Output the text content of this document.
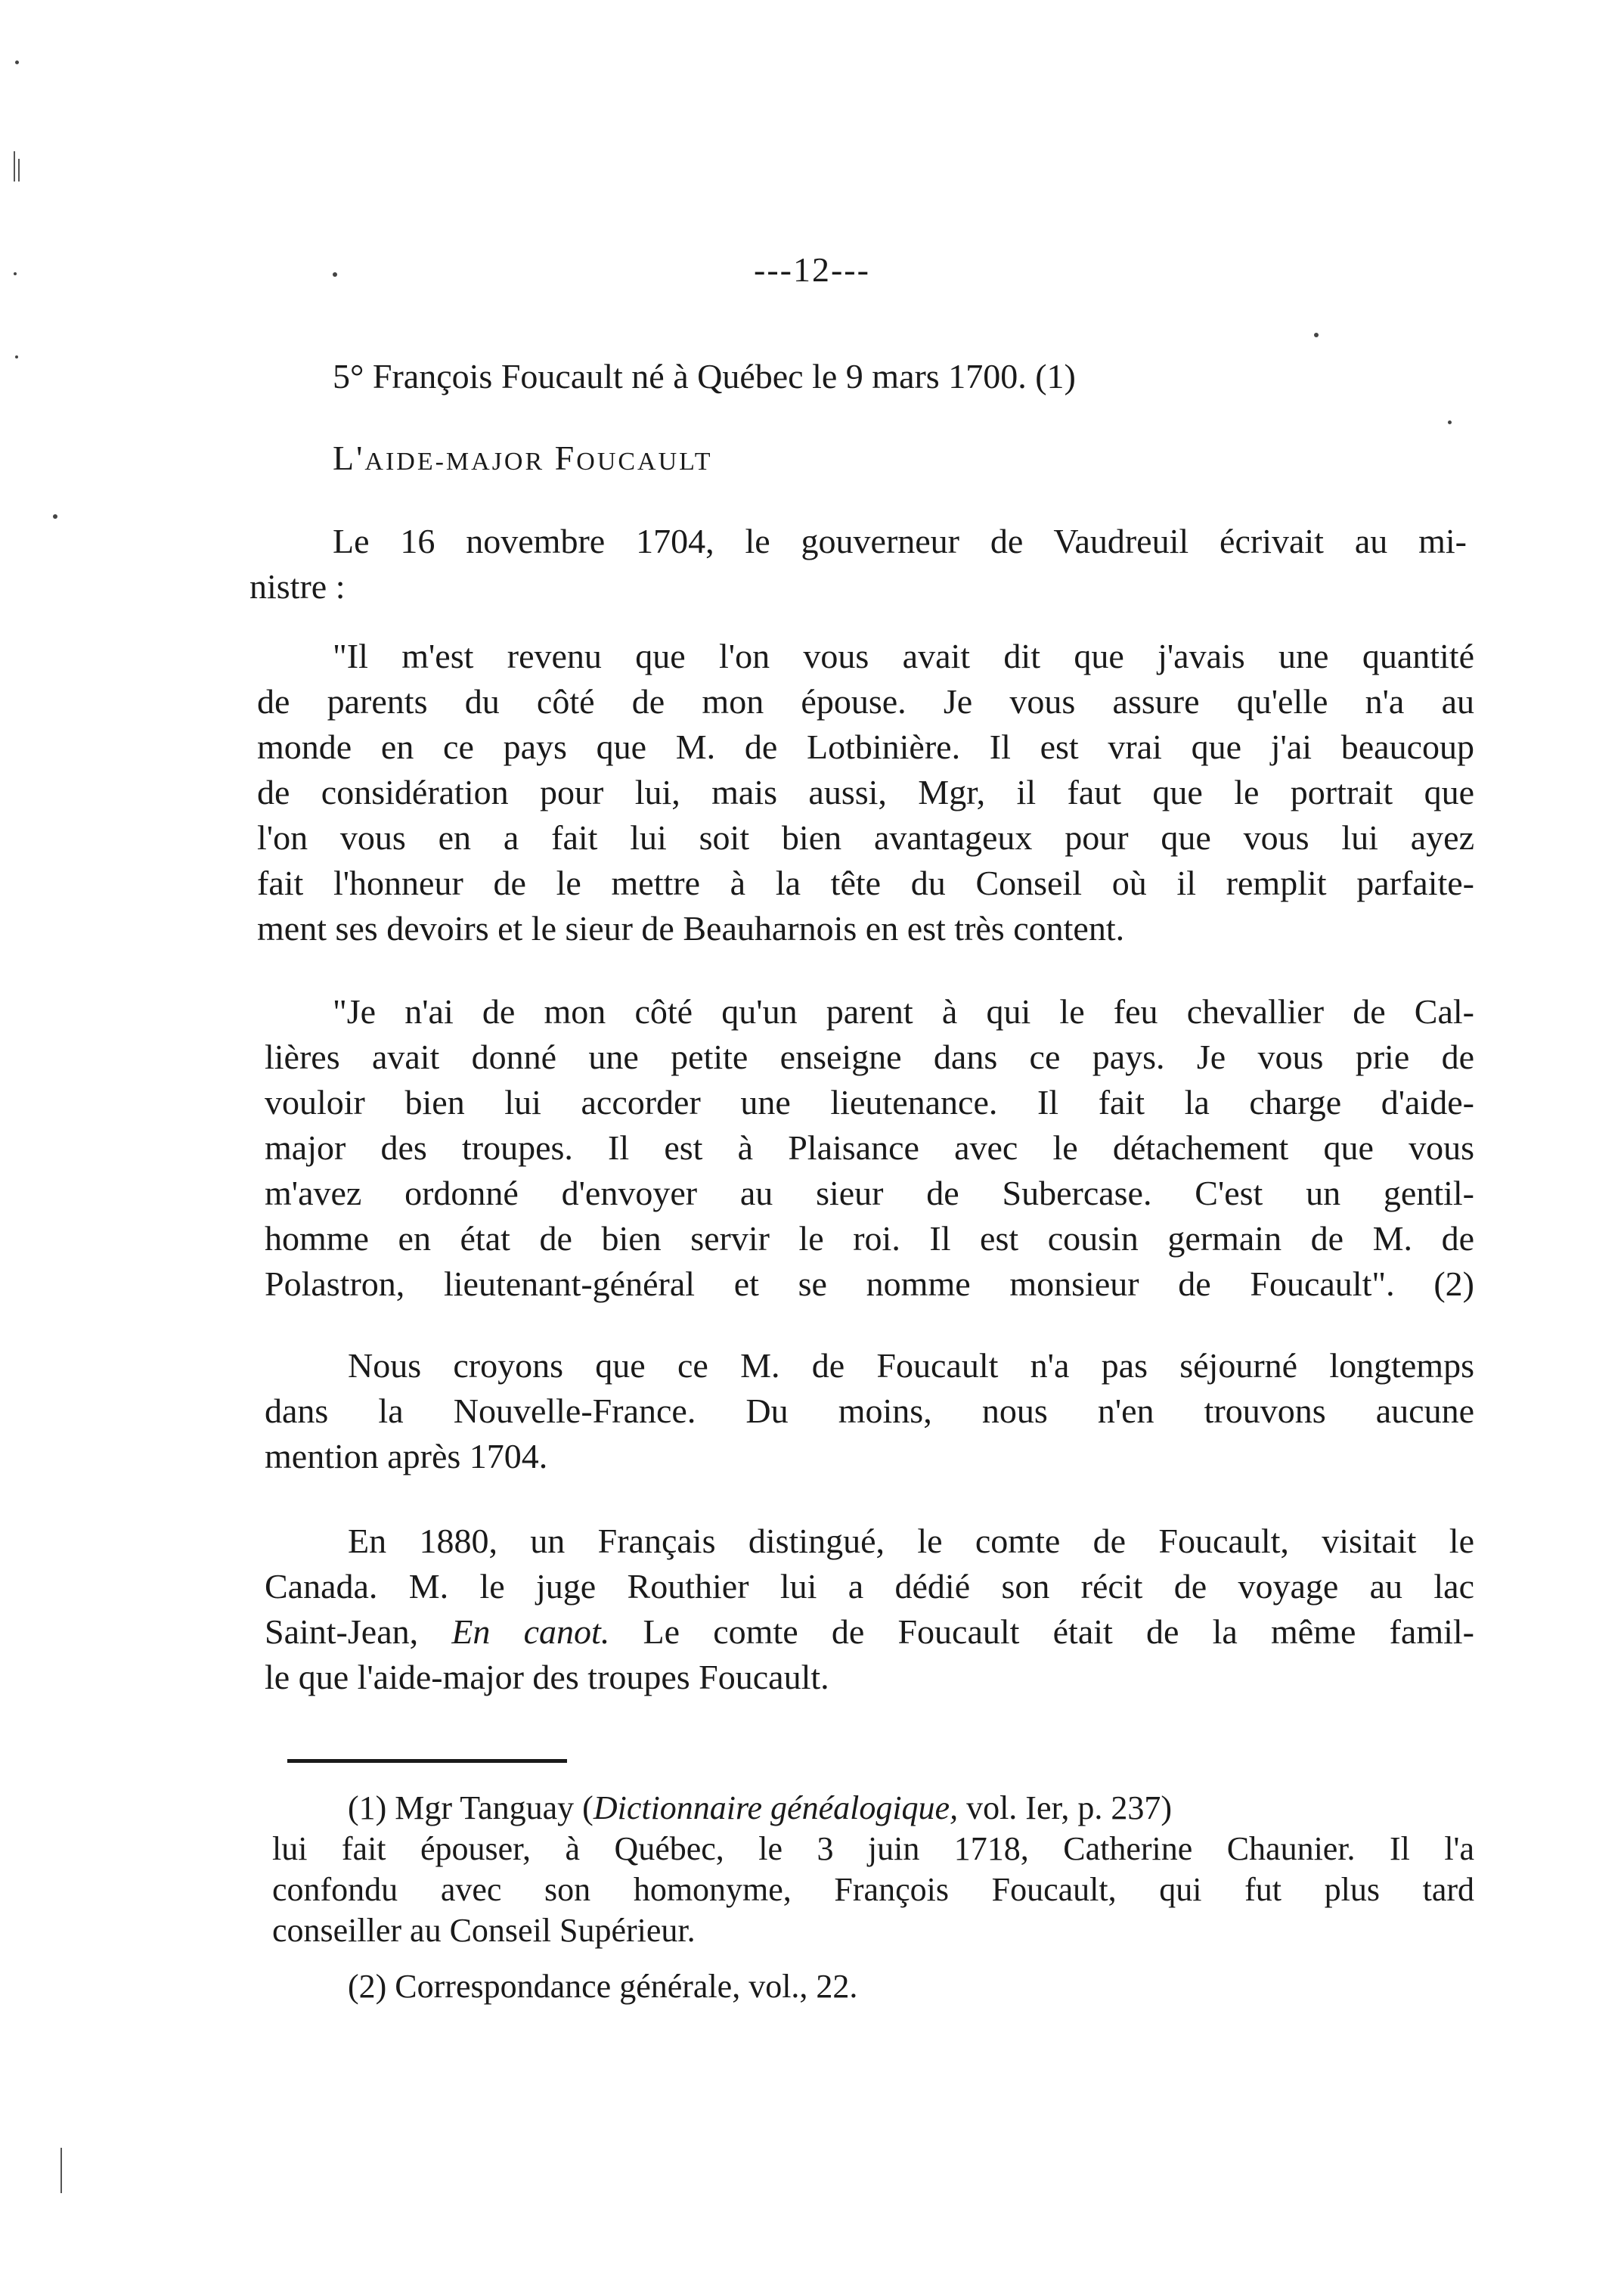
---12---
5° François Foucault né à Québec le 9 mars 1700. (1)
L'AIDE-MAJOR FOUCAULT
Le 16 novembre 1704, le gouverneur de Vaudreuil écrivait au mi-
nistre :
"Il m'est revenu que l'on vous avait dit que j'avais une quantité
de parents du côté de mon épouse. Je vous assure qu'elle n'a au
monde en ce pays que M. de Lotbinière. Il est vrai que j'ai beaucoup
de considération pour lui, mais aussi, Mgr, il faut que le portrait que
l'on vous en a fait lui soit bien avantageux pour que vous lui ayez
fait l'honneur de le mettre à la tête du Conseil où il remplit parfaite-
ment ses devoirs et le sieur de Beauharnois en est très content.
"Je n'ai de mon côté qu'un parent à qui le feu chevallier de Cal-
lières avait donné une petite enseigne dans ce pays. Je vous prie de
vouloir bien lui accorder une lieutenance. Il fait la charge d'aide-
major des troupes. Il est à Plaisance avec le détachement que vous
m'avez ordonné d'envoyer au sieur de Subercase. C'est un gentil-
homme en état de bien servir le roi. Il est cousin germain de M. de
Polastron, lieutenant-général et se nomme monsieur de Foucault". (2)
Nous croyons que ce M. de Foucault n'a pas séjourné longtemps
dans la Nouvelle-France. Du moins, nous n'en trouvons aucune
mention après 1704.
En 1880, un Français distingué, le comte de Foucault, visitait le
Canada. M. le juge Routhier lui a dédié son récit de voyage au lac
Saint-Jean, En canot. Le comte de Foucault était de la même famil-
le que l'aide-major des troupes Foucault.
(1) Mgr Tanguay (Dictionnaire généalogique, vol. Ier, p. 237)
lui fait épouser, à Québec, le 3 juin 1718, Catherine Chaunier. Il l'a
confondu avec son homonyme, François Foucault, qui fut plus tard
conseiller au Conseil Supérieur.
(2) Correspondance générale, vol., 22.
